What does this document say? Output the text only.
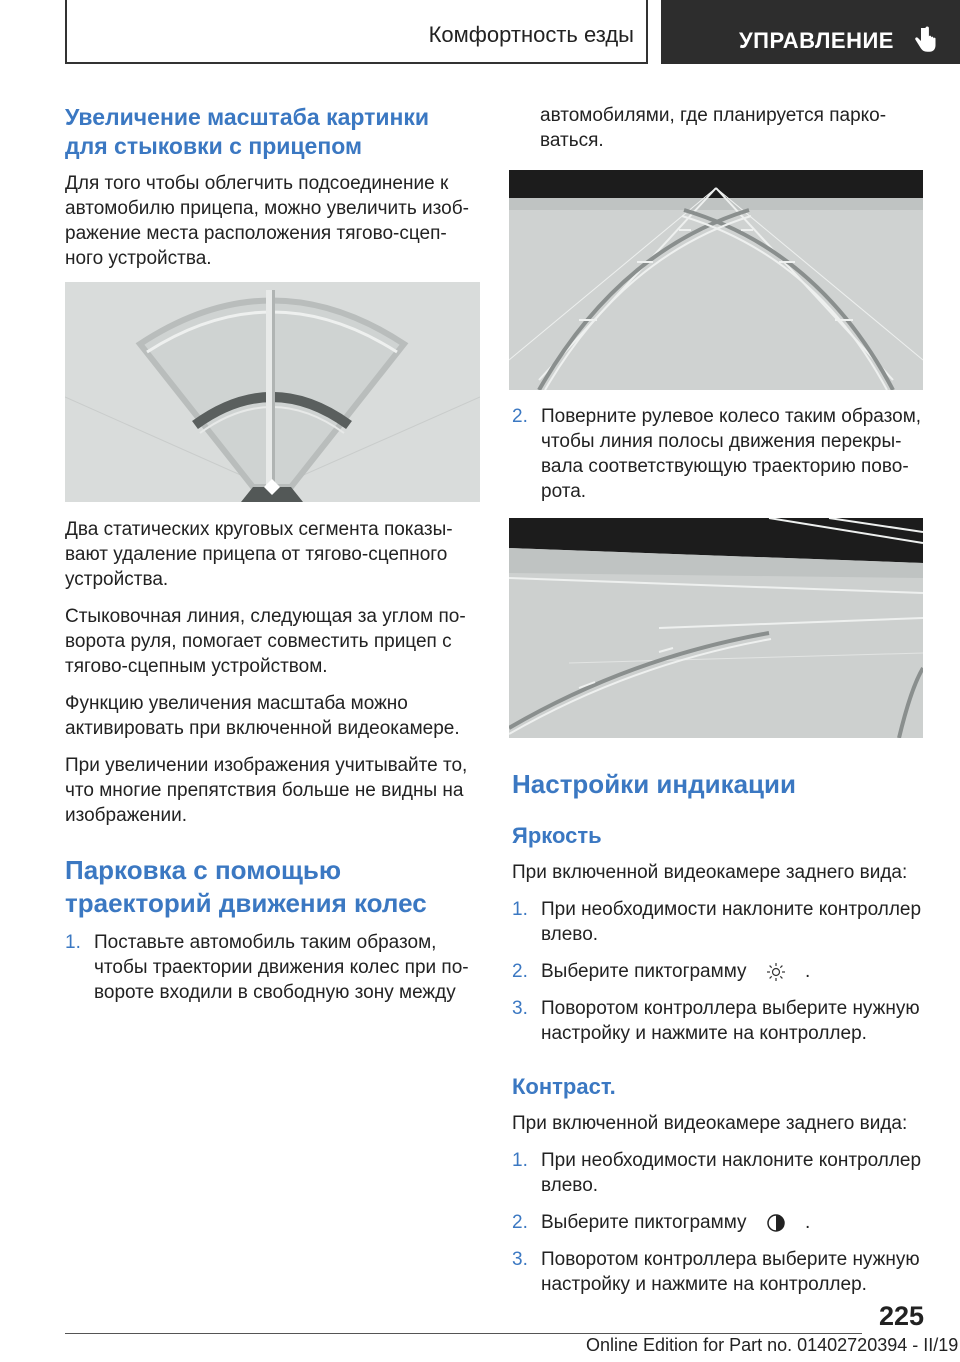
Комфортность езды	УПРАВЛЕНИЕ
Увеличение масштаба картинки для стыковки с прицепом

Для того чтобы облегчить подсоединение к автомобилю прицепа, можно увеличить изображение места расположения тягово-сцепного устройства.

Два статических круговых сегмента показывают удаление прицепа от тягово-сцепного устройства.

Стыковочная линия, следующая за углом поворота руля, помогает совместить прицеп с тягово-сцепным устройством.

Функцию увеличения масштаба можно активировать при включенной видеокамере.

При увеличении изображения учитывайте то, что многие препятствия больше не видны на изображении.

Парковка с помощью траекторий движения колес
1. Поставьте автомобиль таким образом, чтобы траектории движения колес при повороте входили в свободную зону между

автомобилями, где планируется парковаться.

2. Поверните рулевое колесо таким образом, чтобы линия полосы движения перекрывала соответствующую траекторию поворота.
Настройки индикации
Яркость

При включенной видеокамере заднего вида:

1. При необходимости наклоните контроллер влево.
2. Выберите пиктограмму	.
3. Поворотом контроллера выберите нужную настройку и нажмите на контроллер.
Контраст.

При включенной видеокамере заднего вида:

1. При необходимости наклоните контроллер влево.
2. Выберите пиктограмму	.
3. Поворотом контроллера выберите нужную настройку и нажмите на контроллер.
225
Online Edition for Part no. 01402720394 - II/19
